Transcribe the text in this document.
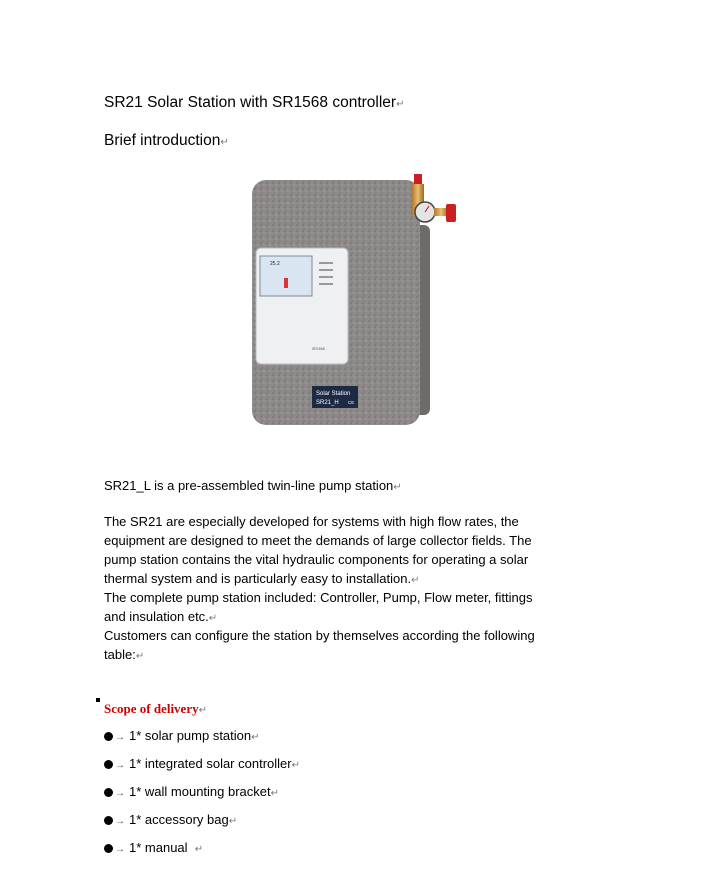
SR21 Solar Station with SR1568 controller↵
Brief introduction↵
25.2
SR1568
Solar Station
SR21_H CE
SR21_L is a pre-assembled twin-line pump station↵
The SR21 are especially developed for systems with high flow rates, the
equipment are designed to meet the demands of large collector fields. The
pump station contains the vital hydraulic components for operating a solar
thermal system and is particularly easy to installation.↵
The complete pump station included: Controller, Pump, Flow meter, fittings
and insulation etc.↵
Customers can configure the station by themselves according the following
table:↵
Scope of delivery↵
→ 1* solar pump station↵
→ 1* integrated solar controller↵
→ 1* wall mounting bracket↵
→ 1* accessory bag↵
→ 1* manual ↵
